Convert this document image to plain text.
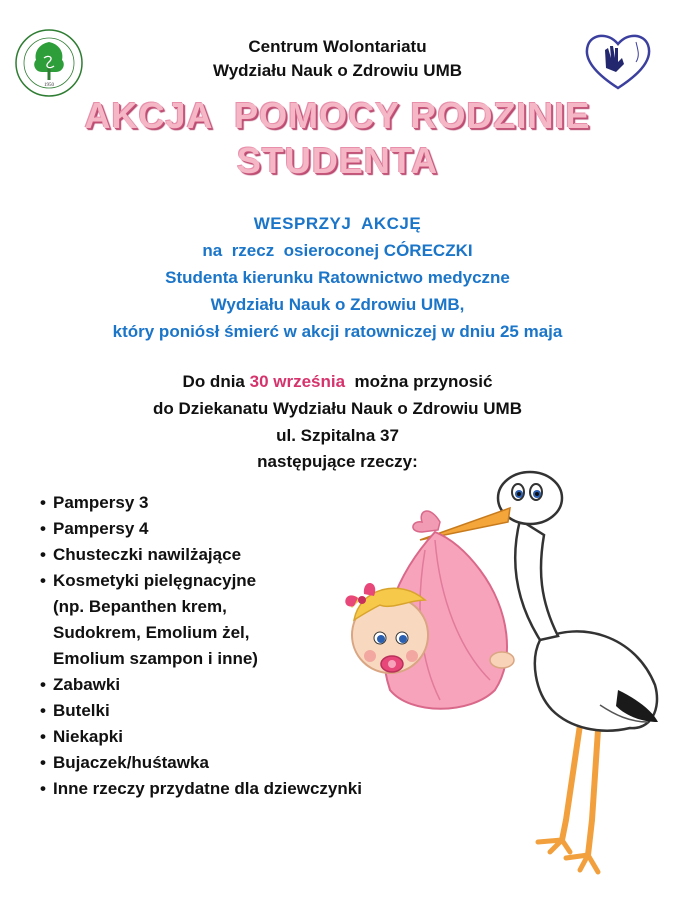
1950
Centrum Wolontariatu
Wydziału Nauk o Zdrowiu UMB
AKCJA  POMOCY RODZINIE
STUDENTA
WESPRZYJ  AKCJĘ
na  rzecz  osieroconej CÓRECZKI
Studenta kierunku Ratownictwo medyczne
Wydziału Nauk o Zdrowiu UMB,
który poniósł śmierć w akcji ratowniczej w dniu 25 maja
Do dnia 30 września  można przynosić
do Dziekanatu Wydziału Nauk o Zdrowiu UMB
ul. Szpitalna 37
następujące rzeczy:
• Pampersy 3
• Pampersy 4
• Chusteczki nawilżające
• Kosmetyki pielęgnacyjne
(np. Bepanthen krem,
Sudokrem, Emolium żel,
Emolium szampon i inne)
• Zabawki
• Butelki
• Niekapki
• Bujaczek/huśtawka
• Inne rzeczy przydatne dla dziewczynki
